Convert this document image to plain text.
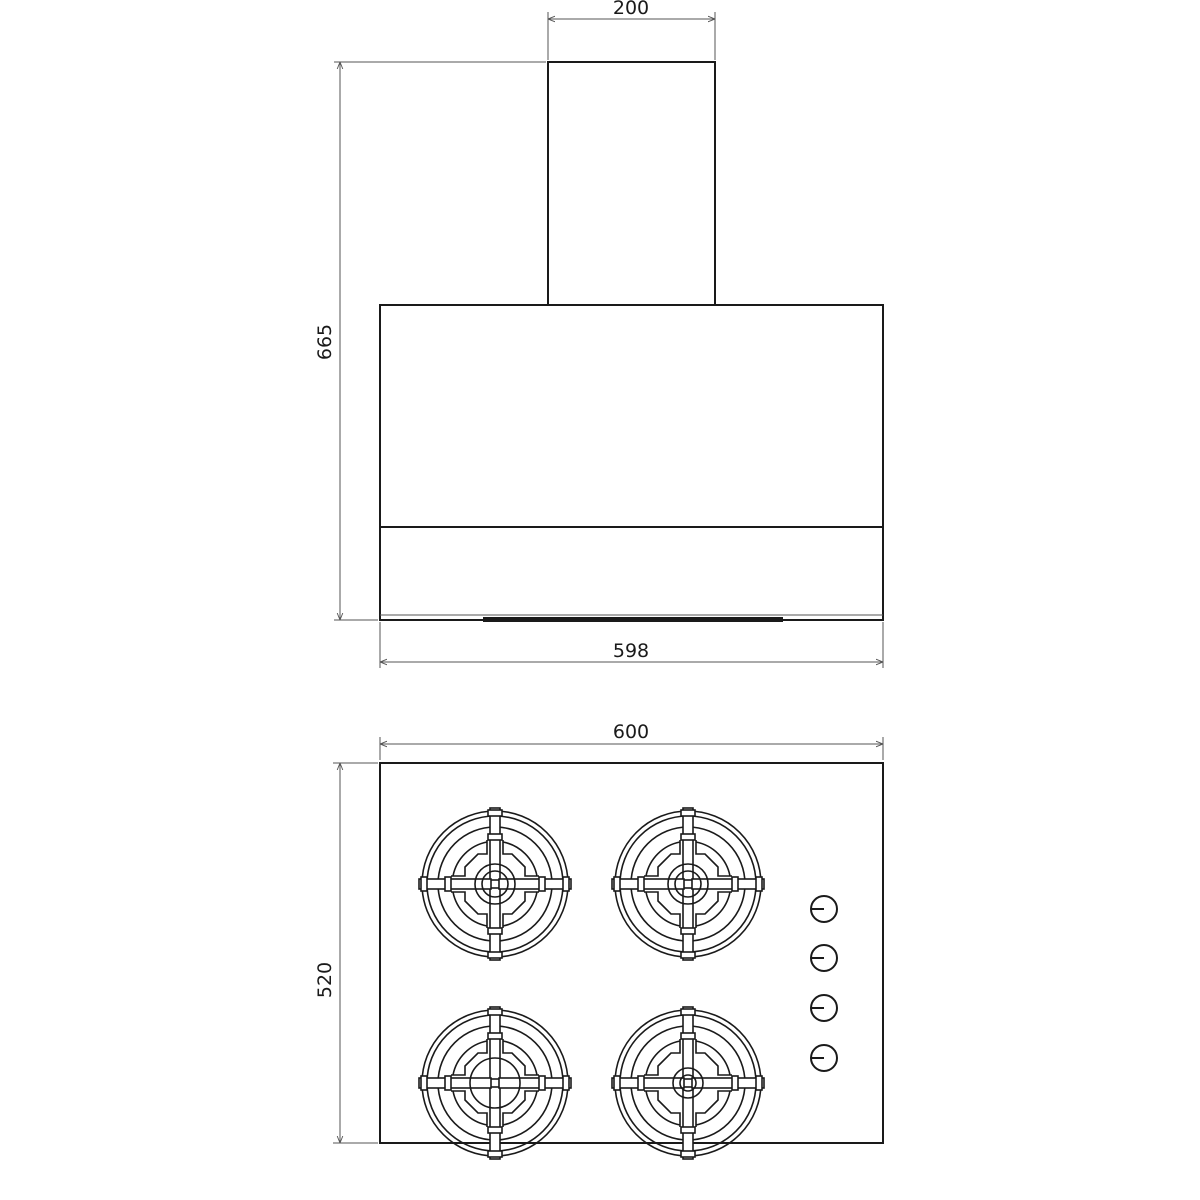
200
665
598
600
520
